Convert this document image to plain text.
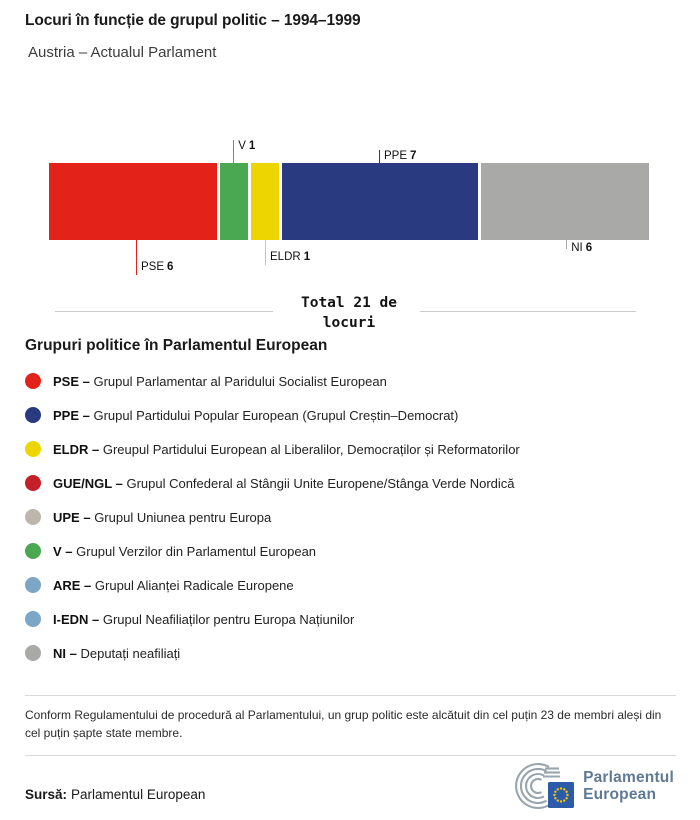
Locuri în funcție de grupul politic – 1994–1999
Austria – Actualul Parlament
PSE 6
V 1
ELDR 1
PPE 7
NI 6
Total 21 de locuri
Grupuri politice în Parlamentul European
PSE – Grupul Parlamentar al Paridului Socialist European
PPE – Grupul Partidului Popular European (Grupul Creștin–Democrat)
ELDR – Greupul Partidului European al Liberalilor, Democraților și Reformatorilor
GUE/NGL – Grupul Confederal al Stângii Unite Europene/Stânga Verde Nordică
UPE – Grupul Uniunea pentru Europa
V – Grupul Verzilor din Parlamentul European
ARE – Grupul Alianței Radicale Europene
I-EDN – Grupul Neafiliaților pentru Europa Națiunilor
NI – Deputați neafiliați
Conform Regulamentului de procedură al Parlamentului, un grup politic este alcătuit din cel puțin 23 de membri aleși din cel puțin șapte state membre.
Sursă: Parlamentul European
Parlamentul
European
